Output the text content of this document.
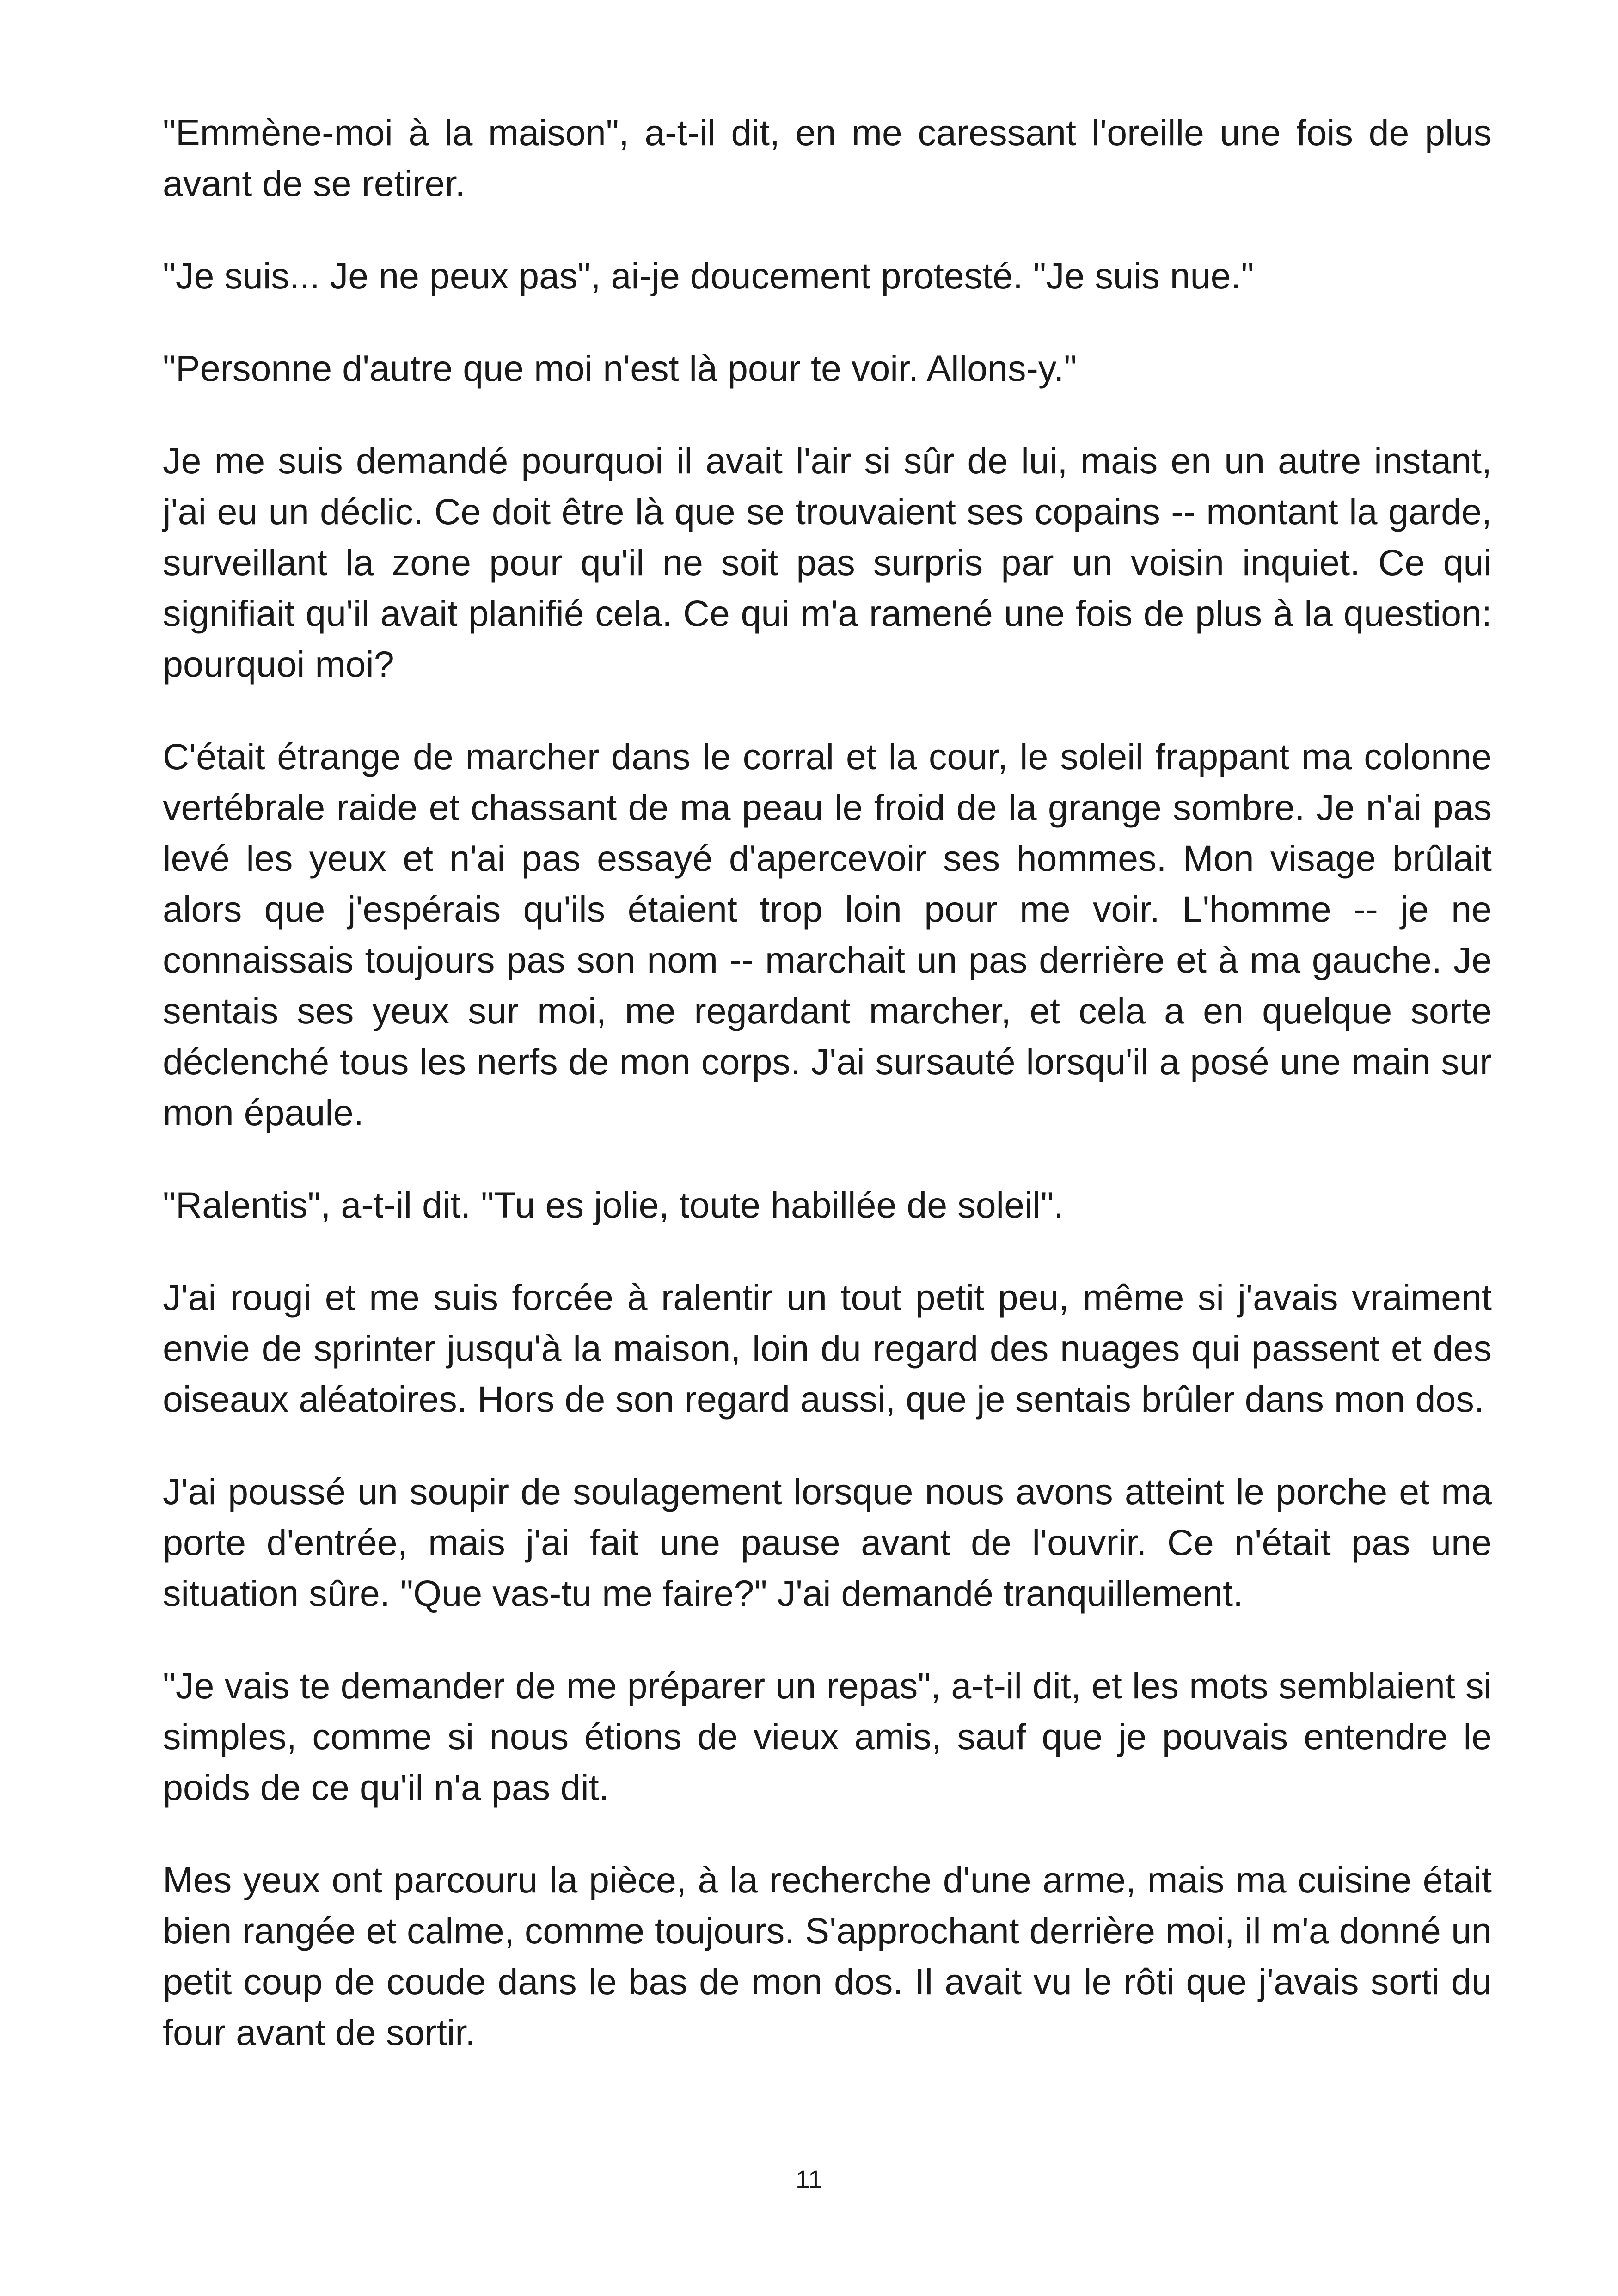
"Emmène-moi à la maison", a-t-il dit, en me caressant l'oreille une fois de plus avant de se retirer.

"Je suis... Je ne peux pas", ai-je doucement protesté. "Je suis nue."

"Personne d'autre que moi n'est là pour te voir. Allons-y."

Je me suis demandé pourquoi il avait l'air si sûr de lui, mais en un autre instant, j'ai eu un déclic. Ce doit être là que se trouvaient ses copains -- montant la garde, surveillant la zone pour qu'il ne soit pas surpris par un voisin inquiet. Ce qui signifiait qu'il avait planifié cela. Ce qui m'a ramené une fois de plus à la question: pourquoi moi?

C'était étrange de marcher dans le corral et la cour, le soleil frappant ma colonne vertébrale raide et chassant de ma peau le froid de la grange sombre. Je n'ai pas levé les yeux et n'ai pas essayé d'apercevoir ses hommes. Mon visage brûlait alors que j'espérais qu'ils étaient trop loin pour me voir. L'homme -- je ne connaissais toujours pas son nom -- marchait un pas derrière et à ma gauche. Je sentais ses yeux sur moi, me regardant marcher, et cela a en quelque sorte déclenché tous les nerfs de mon corps. J'ai sursauté lorsqu'il a posé une main sur mon épaule.

"Ralentis", a-t-il dit. "Tu es jolie, toute habillée de soleil".

J'ai rougi et me suis forcée à ralentir un tout petit peu, même si j'avais vraiment envie de sprinter jusqu'à la maison, loin du regard des nuages qui passent et des oiseaux aléatoires. Hors de son regard aussi, que je sentais brûler dans mon dos.

J'ai poussé un soupir de soulagement lorsque nous avons atteint le porche et ma porte d'entrée, mais j'ai fait une pause avant de l'ouvrir. Ce n'était pas une situation sûre. "Que vas-tu me faire?" J'ai demandé tranquillement.

"Je vais te demander de me préparer un repas", a-t-il dit, et les mots semblaient si simples, comme si nous étions de vieux amis, sauf que je pouvais entendre le poids de ce qu'il n'a pas dit.

Mes yeux ont parcouru la pièce, à la recherche d'une arme, mais ma cuisine était bien rangée et calme, comme toujours. S'approchant derrière moi, il m'a donné un petit coup de coude dans le bas de mon dos. Il avait vu le rôti que j'avais sorti du four avant de sortir.

11
